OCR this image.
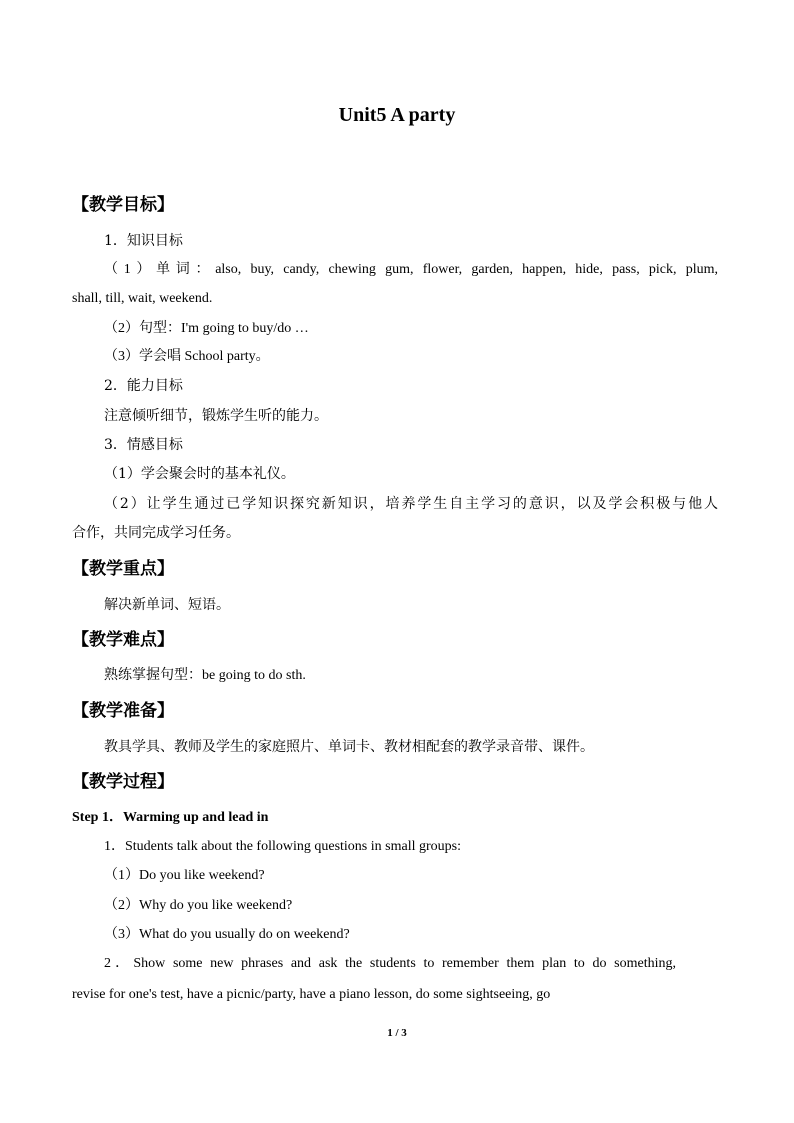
Unit5 A party
【教学目标】
1．知识目标
（1）单词：also, buy, candy, chewing gum, flower, garden, happen, hide, pass, pick, plum,
shall, till, wait, weekend.
（2）句型：I'm going to buy/do …
（3）学会唱 School party。
2．能力目标
注意倾听细节，锻炼学生听的能力。
3．情感目标
（1）学会聚会时的基本礼仪。
（2）让学生通过已学知识探究新知识，培养学生自主学习的意识，以及学会积极与他人
合作，共同完成学习任务。
【教学重点】
解决新单词、短语。
【教学难点】
熟练掌握句型：be going to do sth.
【教学准备】
教具学具、教师及学生的家庭照片、单词卡、教材相配套的教学录音带、课件。
【教学过程】
Step 1．Warming up and lead in
1．Students talk about the following questions in small groups:
（1）Do you like weekend?
（2）Why do you like weekend?
（3）What do you usually do on weekend?
2．Show some new phrases and ask the students to remember them plan to do something,
revise for one's test, have a picnic/party, have a piano lesson, do some sightseeing, go
1 / 3
